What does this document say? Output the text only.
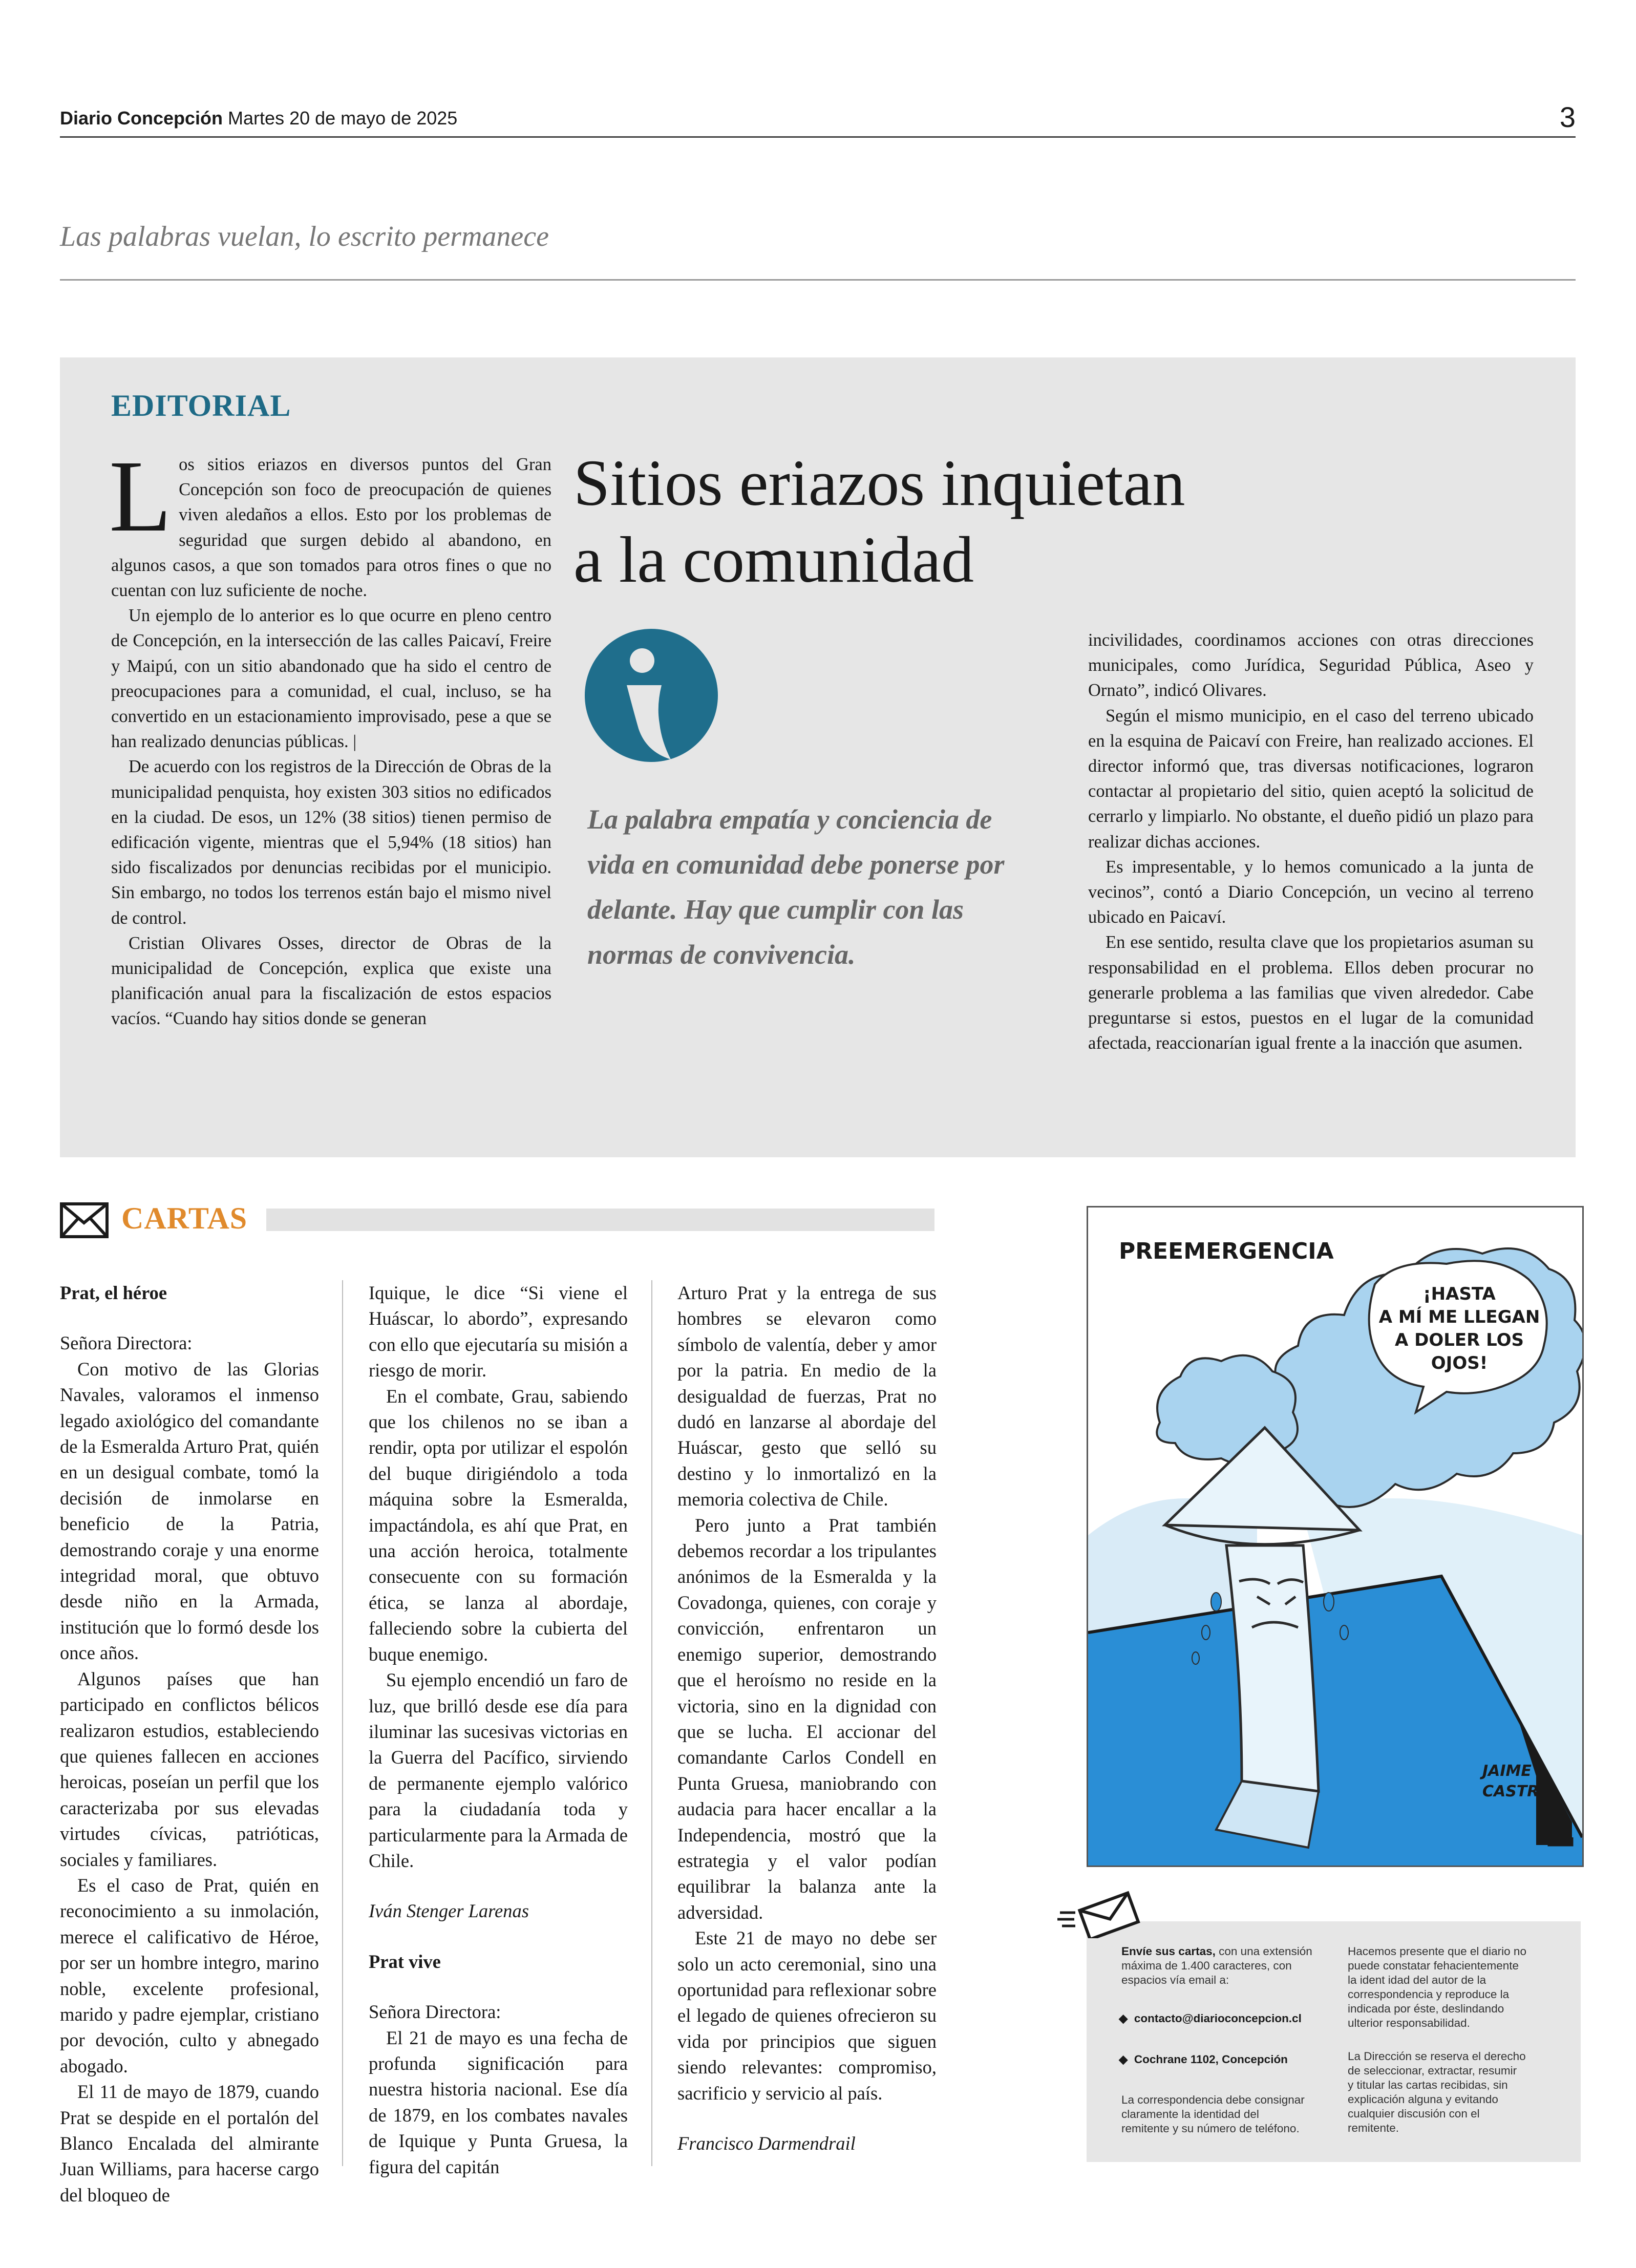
Diario Concepción Martes 20 de mayo de 2025	3
Las palabras vuelan, lo escrito permanece
EDITORIAL

Los sitios eriazos en diversos puntos del Gran Concepción son foco de preocupación de quienes viven aledaños a ellos. Esto por los problemas de seguridad que surgen debido al abandono, en algunos casos, a que son tomados para otros fines o que no cuentan con luz suficiente de noche.

Un ejemplo de lo anterior es lo que ocurre en pleno centro de Concepción, en la intersección de las calles Paicaví, Freire y Maipú, con un sitio abandonado que ha sido el centro de preocupaciones para a comunidad, el cual, incluso, se ha convertido en un estacionamiento improvisado, pese a que se han realizado denuncias públicas. |

De acuerdo con los registros de la Dirección de Obras de la municipalidad penquista, hoy existen 303 sitios no edificados en la ciudad. De esos, un 12% (38 sitios) tienen permiso de edificación vigente, mientras que el 5,94% (18 sitios) han sido fiscalizados por denuncias recibidas por el municipio. Sin embargo, no todos los terrenos están bajo el mismo nivel de control.

Cristian Olivares Osses, director de Obras de la municipalidad de Concepción, explica que existe una planificación anual para la fiscalización de estos espacios vacíos. “Cuando hay sitios donde se generan

Sitios eriazos inquietan
a la comunidad
La palabra empatía y conciencia de vida en comunidad debe ponerse por delante. Hay que cumplir con las normas de convivencia.

incivilidades, coordinamos acciones con otras direcciones municipales, como Jurídica, Seguridad Pública, Aseo y Ornato”, indicó Olivares.

Según el mismo municipio, en el caso del terreno ubicado en la esquina de Paicaví con Freire, han realizado acciones. El director informó que, tras diversas notificaciones, lograron contactar al propietario del sitio, quien aceptó la solicitud de cerrarlo y limpiarlo. No obstante, el dueño pidió un plazo para realizar dichas acciones.

Es impresentable, y lo hemos comunicado a la junta de vecinos”, contó a Diario Concepción, un vecino al terreno ubicado en Paicaví.

En ese sentido, resulta clave que los propietarios asuman su responsabilidad en el problema. Ellos deben procurar no generarle problema a las familias que viven alrededor. Cabe preguntarse si estos, puestos en el lugar de la comunidad afectada, reaccionarían igual frente a la inacción que asumen.

CARTAS

Prat, el héroe

Señora Directora:

Con motivo de las Glorias Navales, valoramos el inmenso legado axiológico del comandante de la Esmeralda Arturo Prat, quién en un desigual combate, tomó la decisión de inmolarse en beneficio de la Patria, demostrando coraje y una enorme integridad moral, que obtuvo desde niño en la Armada, institución que lo formó desde los once años.

Algunos países que han participado en conflictos bélicos realizaron estudios, estableciendo que quienes fallecen en acciones heroicas, poseían un perfil que los caracterizaba por sus elevadas virtudes cívicas, patrióticas, sociales y familiares.

Es el caso de Prat, quién en reconocimiento a su inmolación, merece el calificativo de Héroe, por ser un hombre integro, marino noble, excelente profesional, marido y padre ejemplar, cristiano por devoción, culto y abnegado abogado.

El 11 de mayo de 1879, cuando Prat se despide en el portalón del Blanco Encalada del almirante Juan Williams, para hacerse cargo del bloqueo de

Iquique, le dice “Si viene el Huáscar, lo abordo”, expresando con ello que ejecutaría su misión a riesgo de morir.

En el combate, Grau, sabiendo que los chilenos no se iban a rendir, opta por utilizar el espolón del buque dirigiéndolo a toda máquina sobre la Esmeralda, impactándola, es ahí que Prat, en una acción heroica, totalmente consecuente con su formación ética, se lanza al abordaje, falleciendo sobre la cubierta del buque enemigo.

Su ejemplo encendió un faro de luz, que brilló desde ese día para iluminar las sucesivas victorias en la Guerra del Pacífico, sirviendo de permanente ejemplo valórico para la ciudadanía toda y particularmente para la Armada de Chile.

Iván Stenger Larenas

Prat vive

Señora Directora:

El 21 de mayo es una fecha de profunda significación para nuestra historia nacional. Ese día de 1879, en los combates navales de Iquique y Punta Gruesa, la figura del capitán

Arturo Prat y la entrega de sus hombres se elevaron como símbolo de valentía, deber y amor por la patria. En medio de la desigualdad de fuerzas, Prat no dudó en lanzarse al abordaje del Huáscar, gesto que selló su destino y lo inmortalizó en la memoria colectiva de Chile.

Pero junto a Prat también debemos recordar a los tripulantes anónimos de la Esmeralda y la Covadonga, quienes, con coraje y convicción, enfrentaron un enemigo superior, demostrando que el heroísmo no reside en la victoria, sino en la dignidad con que se lucha. El accionar del comandante Carlos Condell en Punta Gruesa, maniobrando con audacia para hacer encallar a la Independencia, mostró que la estrategia y el valor podían equilibrar la balanza ante la adversidad.

Este 21 de mayo no debe ser solo un acto ceremonial, sino una oportunidad para reflexionar sobre el legado de quienes ofrecieron su vida por principios que siguen siendo relevantes: compromiso, sacrificio y servicio al país.

Francisco Darmendrail

PREEMERGENCIA
¡HASTA
A MÍ ME LLEGAN
A DOLER LOS
OJOS!
JAIME
CASTRO
Envíe sus cartas, con una extensión
máxima de 1.400 caracteres, con
espacios vía email a:
◆ contacto@diarioconcepcion.cl
◆ Cochrane 1102, Concepción
La correspondencia debe consignar
claramente la identidad del
remitente y su número de teléfono.
Hacemos presente que el diario no
puede constatar fehacientemente
la ident idad del autor de la
correspondencia y reproduce la
indicada por éste, deslindando
ulterior responsabilidad.
La Dirección se reserva el derecho
de seleccionar, extractar, resumir
y titular las cartas recibidas, sin
explicación alguna y evitando
cualquier discusión con el
remitente.
